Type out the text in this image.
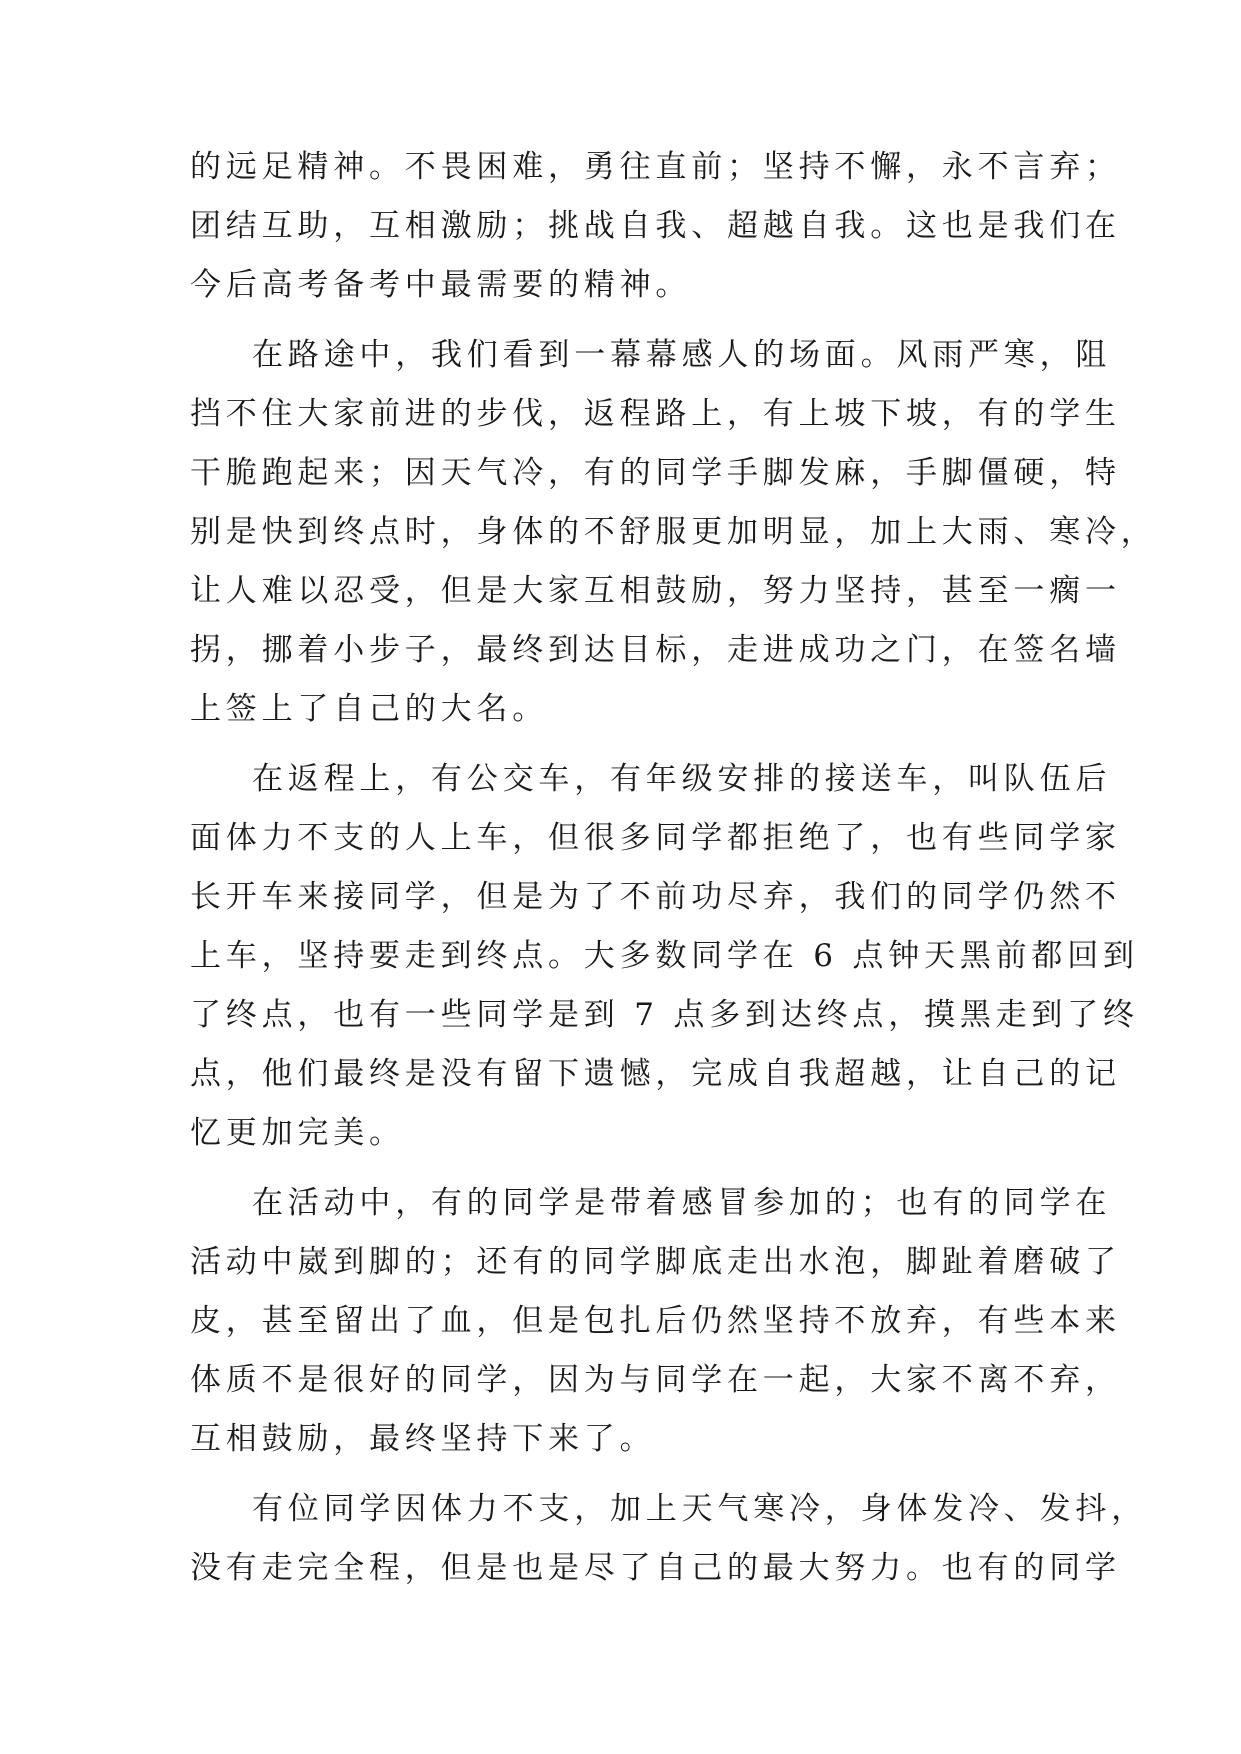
的远足精神。不畏困难，勇往直前；坚持不懈，永不言弃；
团结互助，互相激励；挑战自我、超越自我。这也是我们在
今后高考备考中最需要的精神。
在路途中，我们看到一幕幕感人的场面。风雨严寒，阻
挡不住大家前进的步伐，返程路上，有上坡下坡，有的学生
干脆跑起来；因天气冷，有的同学手脚发麻，手脚僵硬，特
别是快到终点时，身体的不舒服更加明显，加上大雨、寒冷，
让人难以忍受，但是大家互相鼓励，努力坚持，甚至一瘸一
拐，挪着小步子，最终到达目标，走进成功之门，在签名墙
上签上了自己的大名。
在返程上，有公交车，有年级安排的接送车，叫队伍后
面体力不支的人上车，但很多同学都拒绝了，也有些同学家
长开车来接同学，但是为了不前功尽弃，我们的同学仍然不
上车，坚持要走到终点。大多数同学在 6 点钟天黑前都回到
了终点，也有一些同学是到 7 点多到达终点，摸黑走到了终
点，他们最终是没有留下遗憾，完成自我超越，让自己的记
忆更加完美。
在活动中，有的同学是带着感冒参加的；也有的同学在
活动中崴到脚的；还有的同学脚底走出水泡，脚趾着磨破了
皮，甚至留出了血，但是包扎后仍然坚持不放弃，有些本来
体质不是很好的同学，因为与同学在一起，大家不离不弃，
互相鼓励，最终坚持下来了。
有位同学因体力不支，加上天气寒冷，身体发冷、发抖，
没有走完全程，但是也是尽了自己的最大努力。也有的同学
